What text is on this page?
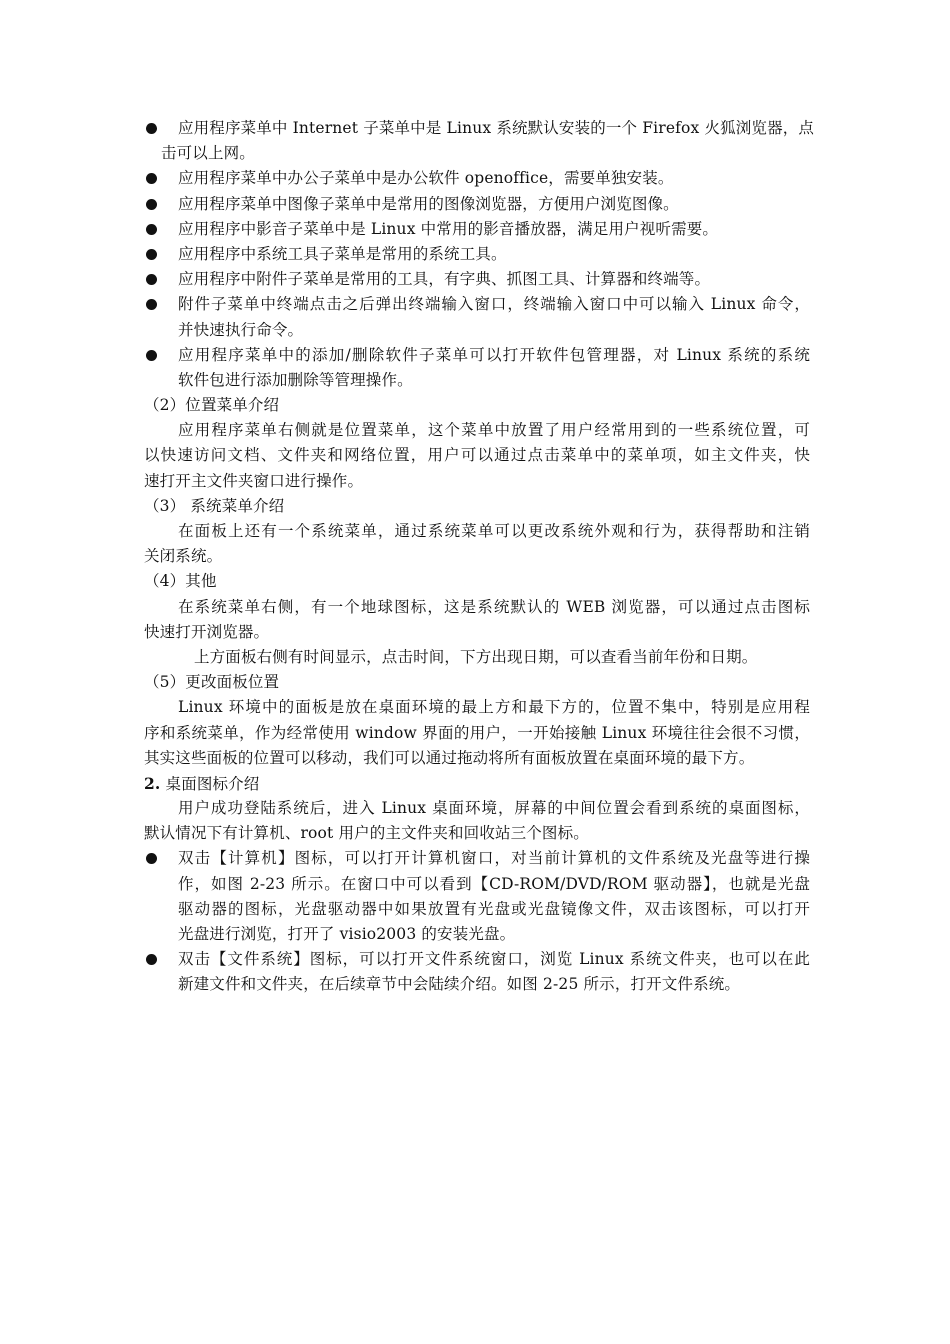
应用程序菜单中 Internet 子菜单中是 Linux 系统默认安装的一个 Firefox 火狐浏览器，点
击可以上网。
应用程序菜单中办公子菜单中是办公软件 openoffice，需要单独安装。
应用程序菜单中图像子菜单中是常用的图像浏览器，方便用户浏览图像。
应用程序中影音子菜单中是 Linux 中常用的影音播放器，满足用户视听需要。
应用程序中系统工具子菜单是常用的系统工具。
应用程序中附件子菜单是常用的工具，有字典、抓图工具、计算器和终端等。
附件子菜单中终端点击之后弹出终端输入窗口，终端输入窗口中可以输入 Linux 命令，
并快速执行命令。
应用程序菜单中的添加/删除软件子菜单可以打开软件包管理器，对 Linux 系统的系统
软件包进行添加删除等管理操作。
（2）位置菜单介绍
应用程序菜单右侧就是位置菜单，这个菜单中放置了用户经常用到的一些系统位置，可
以快速访问文档、文件夹和网络位置，用户可以通过点击菜单中的菜单项，如主文件夹，快
速打开主文件夹窗口进行操作。
（3） 系统菜单介绍
在面板上还有一个系统菜单，通过系统菜单可以更改系统外观和行为，获得帮助和注销
关闭系统。
（4）其他
在系统菜单右侧，有一个地球图标，这是系统默认的 WEB 浏览器，可以通过点击图标
快速打开浏览器。
上方面板右侧有时间显示，点击时间，下方出现日期，可以查看当前年份和日期。
（5）更改面板位置
Linux 环境中的面板是放在桌面环境的最上方和最下方的，位置不集中，特别是应用程
序和系统菜单，作为经常使用 window 界面的用户，一开始接触 Linux 环境往往会很不习惯，
其实这些面板的位置可以移动，我们可以通过拖动将所有面板放置在桌面环境的最下方。
2. 桌面图标介绍
用户成功登陆系统后，进入 Linux 桌面环境，屏幕的中间位置会看到系统的桌面图标，
默认情况下有计算机、root 用户的主文件夹和回收站三个图标。
双击【计算机】图标，可以打开计算机窗口，对当前计算机的文件系统及光盘等进行操
作，如图 2-23 所示。在窗口中可以看到【CD-ROM/DVD/ROM 驱动器】，也就是光盘
驱动器的图标，光盘驱动器中如果放置有光盘或光盘镜像文件，双击该图标，可以打开
光盘进行浏览，打开了 visio2003 的安装光盘。
双击【文件系统】图标，可以打开文件系统窗口，浏览 Linux 系统文件夹，也可以在此
新建文件和文件夹，在后续章节中会陆续介绍。如图 2-25 所示，打开文件系统。
